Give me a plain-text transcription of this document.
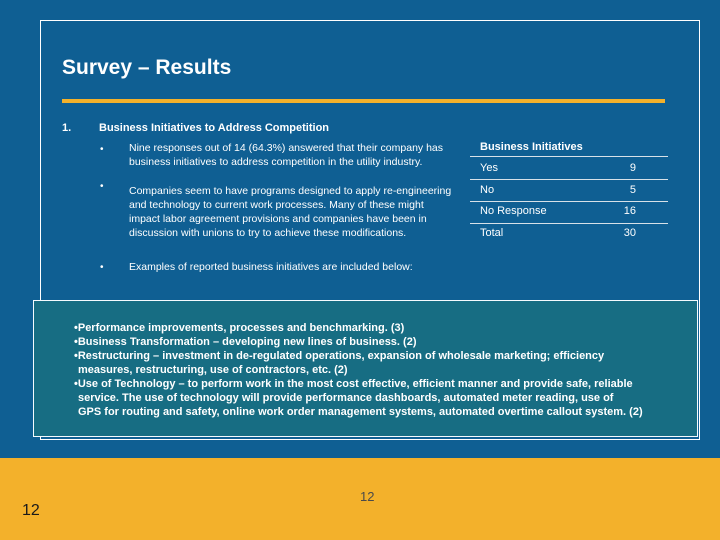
Survey – Results
1.	Business Initiatives to Address Competition
• Nine responses out of 14 (64.3%) answered that their company has business initiatives to address competition in the utility industry.
• Companies seem to have programs designed to apply re-engineering and technology to current work processes. Many of these might impact labor agreement provisions and companies have been in discussion with unions to try to achieve these modifications.
• Examples of reported business initiatives are included below:
Business Initiatives
Yes	9
No	5
No Response	16
Total	30
•Performance improvements, processes and benchmarking. (3)
•Business Transformation – developing new lines of business. (2)
•Restructuring – investment in de-regulated operations, expansion of wholesale marketing; efficiency
measures, restructuring, use of contractors, etc. (2)
•Use of Technology – to perform work in the most cost effective, efficient manner and provide safe, reliable
service. The use of technology will provide performance dashboards, automated meter reading, use of
GPS for routing and safety, online work order management systems, automated overtime callout system. (2)
12
12
